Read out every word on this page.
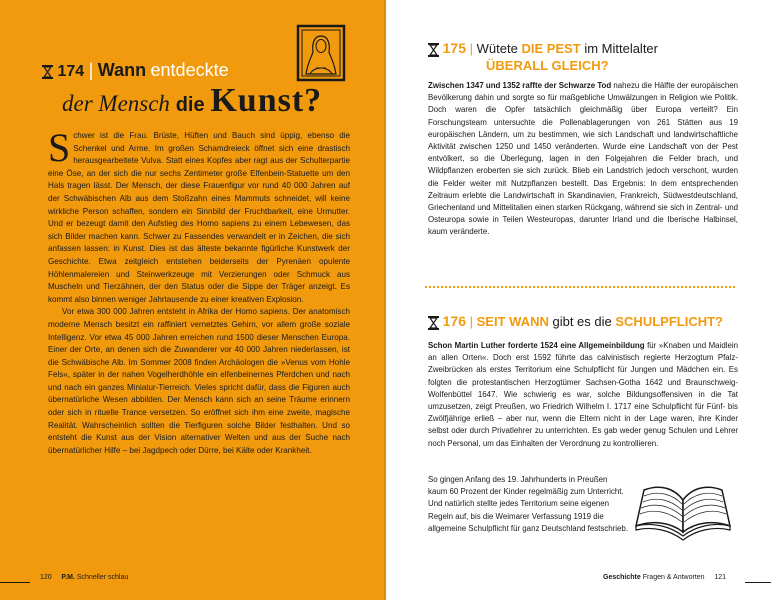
174 | Wann entdeckte
der Mensch die Kunst?

Schwer ist die Frau. Brüste, Hüften und Bauch sind üppig, ebenso die Schenkel und Arme. Im großen Schamdreieck öffnet sich eine drastisch herausgearbeitete Vulva. Statt eines Kopfes aber ragt aus der Schulterpartie eine Öse, an der sich die nur sechs Zentimeter große Elfenbein-Statuette um den Hals tragen lässt. Der Mensch, der diese Frauenfigur vor rund 40 000 Jahren auf der Schwäbischen Alb aus dem Stoßzahn eines Mammuts schneidet, will keine wirkliche Person schaffen, sondern ein Sinnbild der Fruchtbarkeit, eine Urmutter. Und er bezeugt damit den Aufstieg des Homo sapiens zu einem Lebewesen, das sich Bilder machen kann. Schwer zu Fassendes verwandelt er in Zeichen, die sich anfassen lassen: in Kunst. Dies ist das älteste bekannte figürliche Kunstwerk der Geschichte. Etwa zeitgleich entstehen beiderseits der Pyrenäen opulente Höhlenmalereien und Steinwerkzeuge mit Verzierungen oder Schmuck aus Muscheln und Tierzähnen, der den Status oder die Sippe der Träger anzeigt. Es kommt also binnen weniger Jahrtausende zu einer kreativen Explosion.

Vor etwa 300 000 Jahren entsteht in Afrika der Homo sapiens. Der anatomisch moderne Mensch besitzt ein raffiniert vernetztes Gehirn, vor allem große soziale Intelligenz. Vor etwa 45 000 Jahren erreichen rund 1500 dieser Menschen Europa. Einer der Orte, an denen sich die Zuwanderer vor 40 000 Jahren niederlassen, ist die Schwäbische Alb. Im Sommer 2008 finden Archäologen die »Venus vom Hohle Fels«, später in der nahen Vogelherdhöhle ein elfenbeinernes Pferdchen und nach und nach ein ganzes Miniatur-Tierreich. Vieles spricht dafür, dass die Figuren auch übernatürliche Wesen abbilden. Der Mensch kann sich an seine Träume erinnern oder sich in rituelle Trance versetzen. So eröffnet sich ihm eine zweite, magische Realität. Wahrscheinlich sollten die Tierfiguren solche Bilder festhalten. Und so entsteht die Kunst aus der Vision alternativer Welten und aus der Suche nach übernatürlicher Hilfe – bei Jagdpech oder Dürre, bei Kälte oder Krankheit.

120 P.M. Schneller schlau
175 | Wütete DIE PEST im Mittelalter
ÜBERALL GLEICH?

Zwischen 1347 und 1352 raffte der Schwarze Tod nahezu die Hälfte der europäischen Bevölkerung dahin und sorgte so für maßgebliche Umwälzungen in Religion wie Politik. Doch waren die Opfer tatsächlich gleichmäßig über Europa verteilt? Ein Forschungsteam untersuchte die Pollenablagerungen von 261 Stätten aus 19 europäischen Ländern, um zu bestimmen, wie sich Landschaft und landwirtschaftliche Aktivität zwischen 1250 und 1450 veränderten. Wurde eine Landschaft von der Pest entvölkert, so die Überlegung, lagen in den Folgejahren die Felder brach, und Wildpflanzen eroberten sie sich zurück. Blieb ein Landstrich jedoch verschont, wurden die Felder weiter mit Nutzpflanzen bestellt. Das Ergebnis: In dem entsprechenden Zeitraum erlebte die Landwirtschaft in Skandinavien, Frankreich, Südwestdeutschland, Griechenland und Mittelitalien einen starken Rückgang, während sie sich in Zentral- und Osteuropa sowie in Teilen Westeuropas, darunter Irland und die Iberische Halbinsel, kaum veränderte.

176 | SEIT WANN gibt es die SCHULPFLICHT?

Schon Martin Luther forderte 1524 eine Allgemeinbildung für »Knaben und Maidlein an allen Orten«. Doch erst 1592 führte das calvinistisch regierte Herzogtum Pfalz-Zweibrücken als erstes Territorium eine Schulpflicht für Jungen und Mädchen ein. Es folgten die protestantischen Herzogtümer Sachsen-Gotha 1642 und Braunschweig-Wolfenbüttel 1647. Wie schwierig es war, solche Bildungsoffensiven in die Tat umzusetzen, zeigt Preußen, wo Friedrich Wilhelm I. 1717 eine Schulpflicht für Fünf- bis Zwölfjährige erließ – aber nur, wenn die Eltern nicht in der Lage waren, ihre Kinder selbst oder durch Privatlehrer zu unterrichten. Es gab weder genug Schulen und Lehrer noch Personal, um das Einhalten der Verordnung zu kontrollieren.

So gingen Anfang des 19. Jahrhunderts in Preußen kaum 60 Prozent der Kinder regelmäßig zum Unterricht. Und natürlich stellte jedes Territorium seine eigenen Regeln auf, bis die Weimarer Verfassung 1919 die allgemeine Schulpflicht für ganz Deutschland festschrieb.

Geschichte Fragen & Antworten 121
